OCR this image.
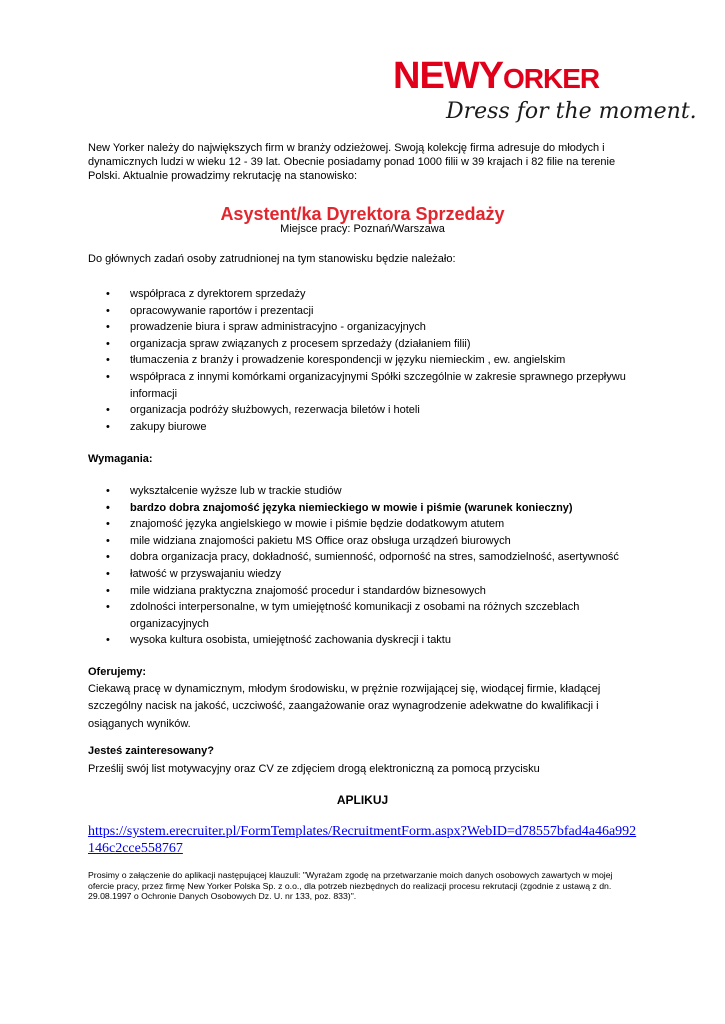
NEWYORKER
Dress for the moment.
New Yorker należy do największych firm w branży odzieżowej. Swoją kolekcję firma adresuje do młodych i dynamicznych ludzi w wieku 12 - 39 lat. Obecnie posiadamy ponad 1000 filii w 39 krajach i 82 filie na terenie Polski. Aktualnie prowadzimy rekrutację na stanowisko:
Asystent/ka Dyrektora Sprzedaży
Miejsce pracy: Poznań/Warszawa
Do głównych zadań osoby zatrudnionej na tym stanowisku będzie należało:
• współpraca z dyrektorem sprzedaży
• opracowywanie raportów i prezentacji
• prowadzenie biura i spraw administracyjno - organizacyjnych
• organizacja spraw związanych z procesem sprzedaży (działaniem filii)
• tłumaczenia z branży i prowadzenie korespondencji w języku niemieckim , ew. angielskim
• współpraca z innymi komórkami organizacyjnymi Spółki szczególnie w zakresie sprawnego przepływu informacji
• organizacja podróży służbowych, rezerwacja biletów i hoteli
• zakupy biurowe
Wymagania:
• wykształcenie wyższe lub w trackie studiów
• bardzo dobra znajomość języka niemieckiego w mowie i piśmie (warunek konieczny)
• znajomość języka angielskiego w mowie i piśmie będzie dodatkowym atutem
• mile widziana znajomości pakietu MS Office oraz obsługa urządzeń biurowych
• dobra organizacja pracy, dokładność, sumienność, odporność na stres, samodzielność, asertywność
• łatwość w przyswajaniu wiedzy
• mile widziana praktyczna znajomość procedur i standardów biznesowych
• zdolności interpersonalne, w tym umiejętność komunikacji z osobami na różnych szczeblach organizacyjnych
• wysoka kultura osobista, umiejętność zachowania dyskrecji i taktu
Oferujemy:
Ciekawą pracę w dynamicznym, młodym środowisku, w prężnie rozwijającej się, wiodącej firmie, kładącej szczególny nacisk na jakość, uczciwość, zaangażowanie oraz wynagrodzenie adekwatne do kwalifikacji i osiąganych wyników.
Jesteś zainteresowany?
Prześlij swój list motywacyjny oraz CV ze zdjęciem drogą elektroniczną za pomocą przycisku
APLIKUJ
https://system.erecruiter.pl/FormTemplates/RecruitmentForm.aspx?WebID=d78557bfad4a46a992146c2cce558767
Prosimy o załączenie do aplikacji następującej klauzuli: "Wyrażam zgodę na przetwarzanie moich danych osobowych zawartych w mojej ofercie pracy, przez firmę New Yorker Polska Sp. z o.o., dla potrzeb niezbędnych do realizacji procesu rekrutacji (zgodnie z ustawą z dn. 29.08.1997 o Ochronie Danych Osobowych Dz. U. nr 133, poz. 833)".
